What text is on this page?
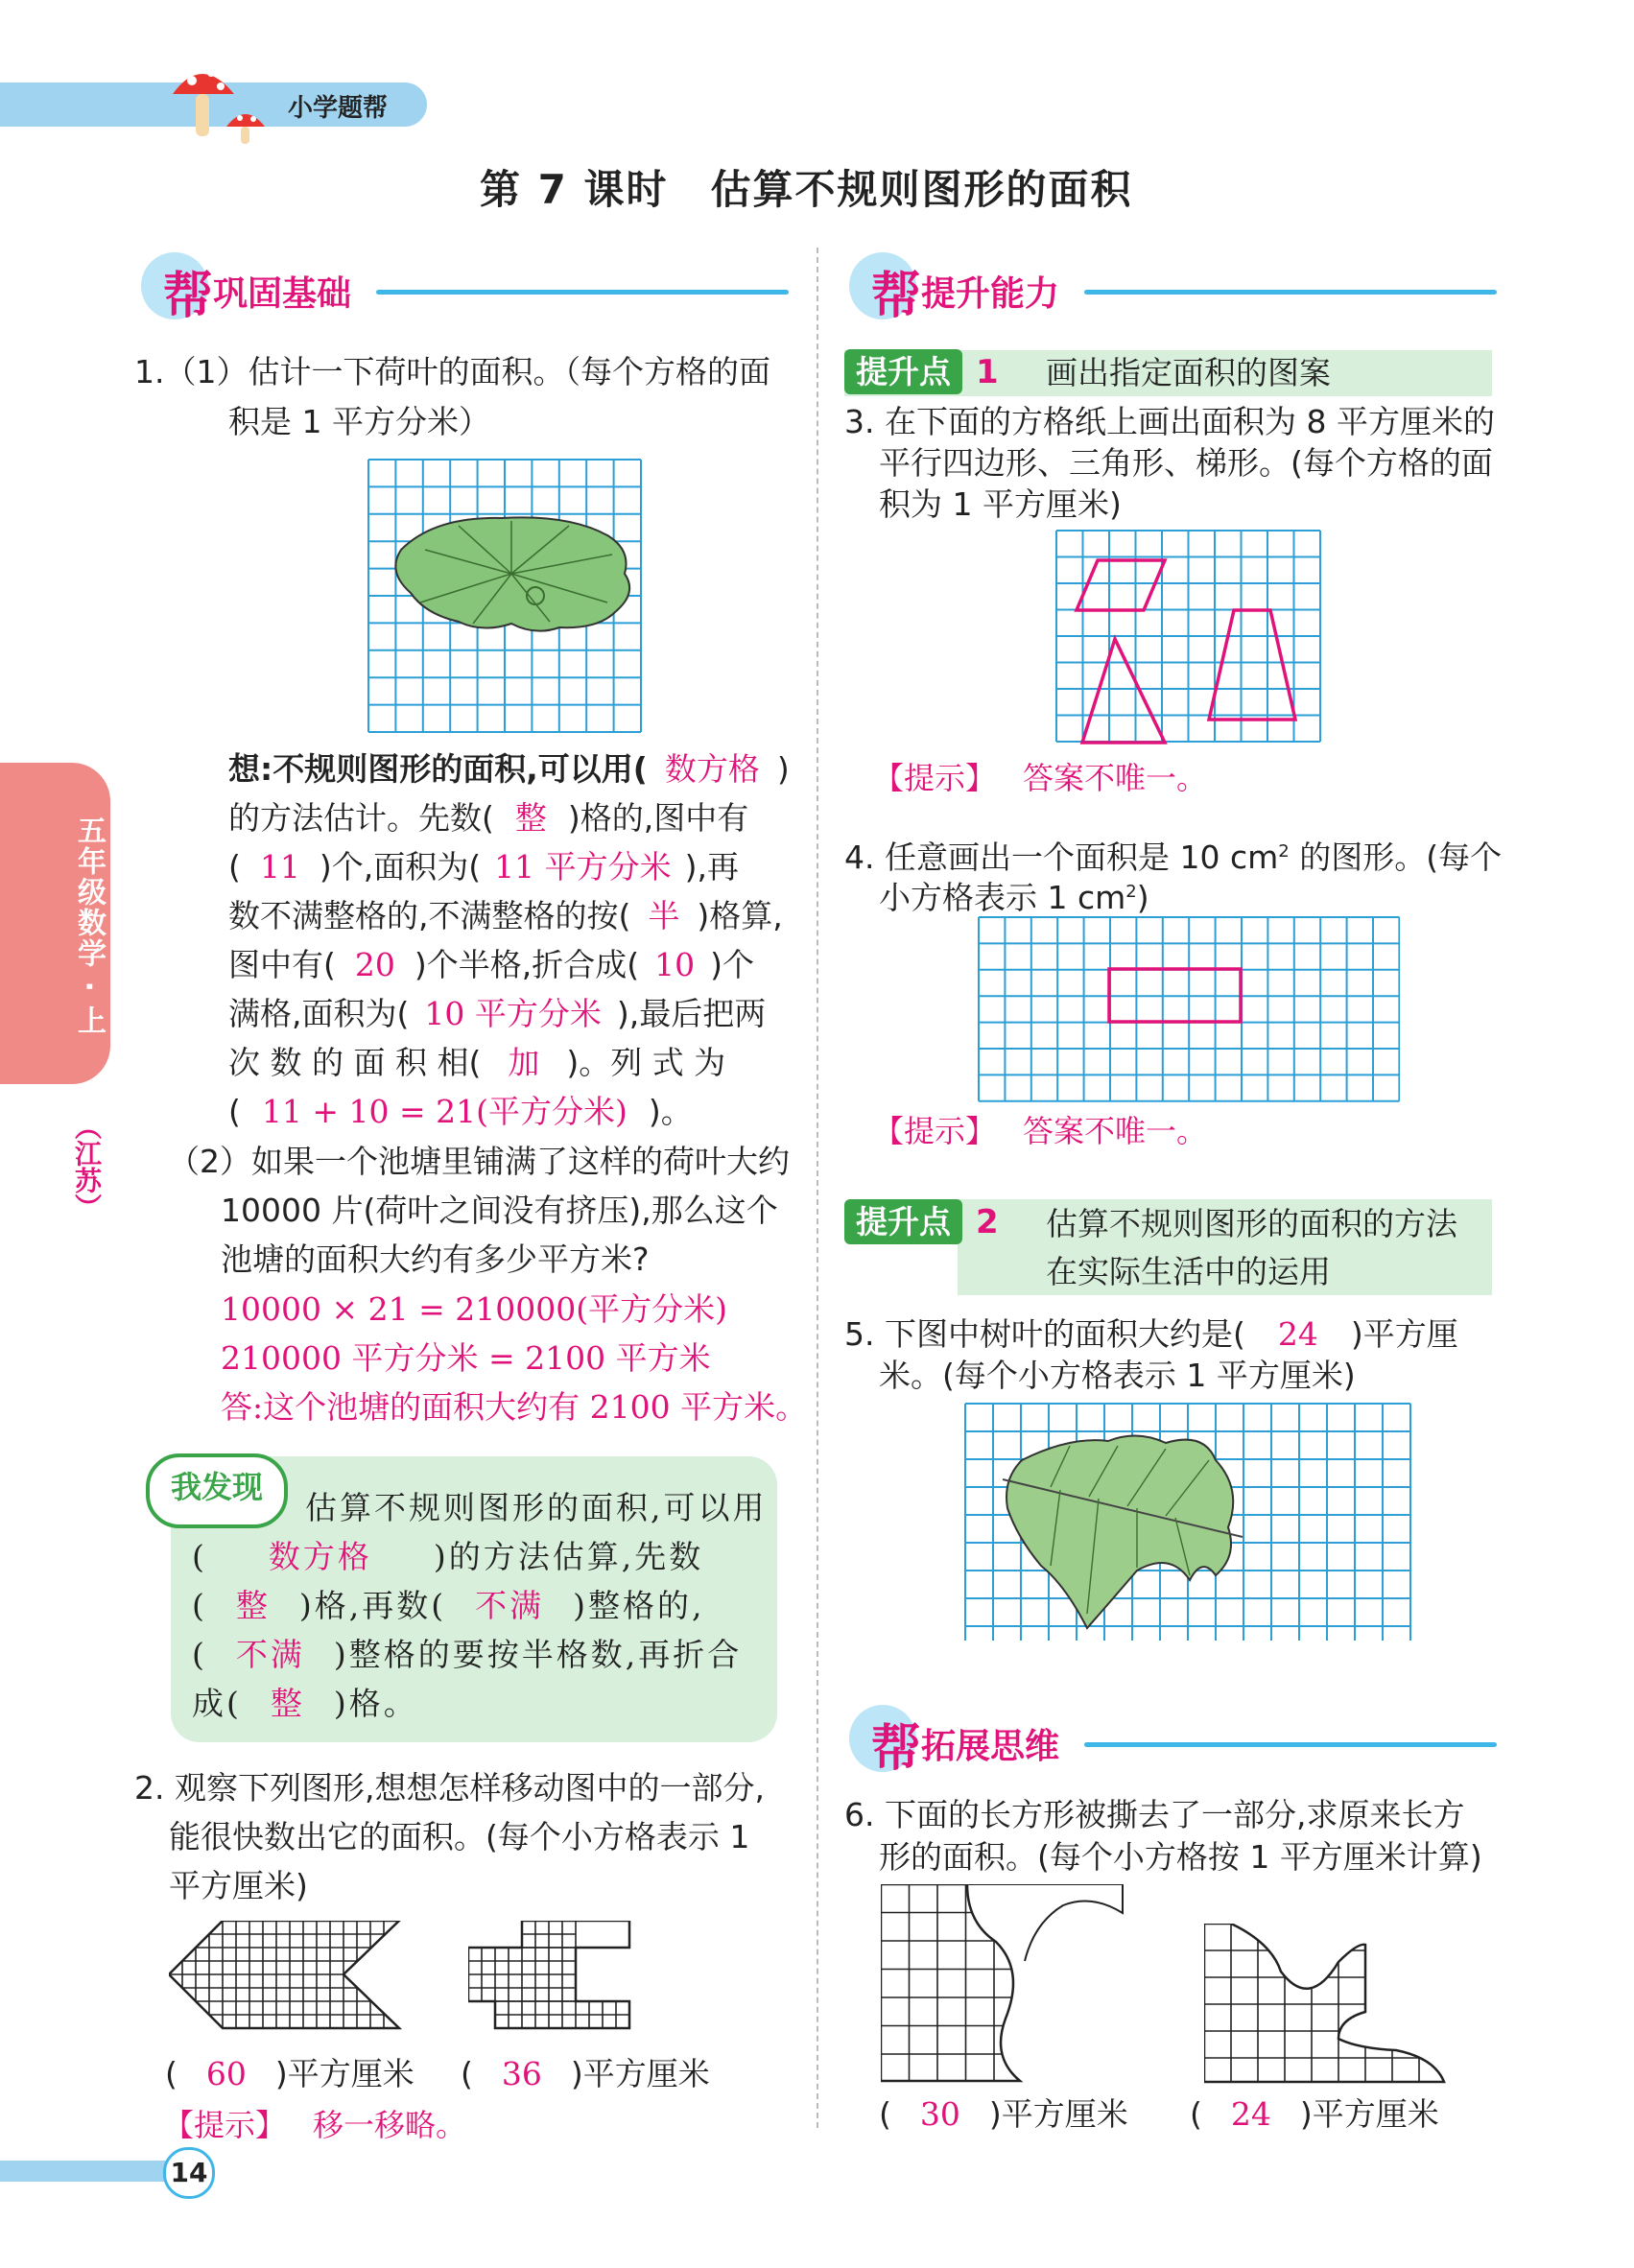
小学题帮
第 7 课时　估算不规则图形的面积
五年级数学 · 上
（江苏）
帮 巩固基础
1.（1）估计一下荷叶的面积。（每个方格的面
积是 1 平方分米）
想:不规则图形的面积,可以用( 数方格 )
的方法估计。先数( 整 )格的,图中有
( 11 )个,面积为( 11 平方分米 ),再
数不满整格的,不满整格的按( 半 )格算,
图中有( 20 )个半格,折合成( 10 )个
满格,面积为( 10 平方分米 ),最后把两
次 数 的 面 积 相( 加 )。列 式 为
( 11 + 10 = 21(平方分米) )。
（2）如果一个池塘里铺满了这样的荷叶大约
10000 片(荷叶之间没有挤压),那么这个
池塘的面积大约有多少平方米?
10000 × 21 = 210000(平方分米)
210000 平方分米 = 2100 平方米
答:这个池塘的面积大约有 2100 平方米。
我发现
估算不规则图形的面积,可以用
( 数方格 )的方法估算,先数
( 整 )格,再数( 不满 )整格的,
( 不满 )整格的要按半格数,再折合
成( 整 )格。
2. 观察下列图形,想想怎样移动图中的一部分,
能很快数出它的面积。(每个小方格表示 1
平方厘米)
( 60 )平方厘米 ( 36 )平方厘米
【提示】 移一移略。
帮 提升能力
提升点 1 画出指定面积的图案
3. 在下面的方格纸上画出面积为 8 平方厘米的
平行四边形、三角形、梯形。(每个方格的面
积为 1 平方厘米)
【提示】 答案不唯一。
4. 任意画出一个面积是 10 $cm^2$ 的图形。(每个
小方格表示 1 $cm^2$)
【提示】 答案不唯一。
提升点 2 估算不规则图形的面积的方法
在实际生活中的运用
5. 下图中树叶的面积大约是( 24 )平方厘
米。(每个小方格表示 1 平方厘米)
帮 拓展思维
6. 下面的长方形被撕去了一部分,求原来长方
形的面积。(每个小方格按 1 平方厘米计算)
( 30 )平方厘米 ( 24 )平方厘米
14
